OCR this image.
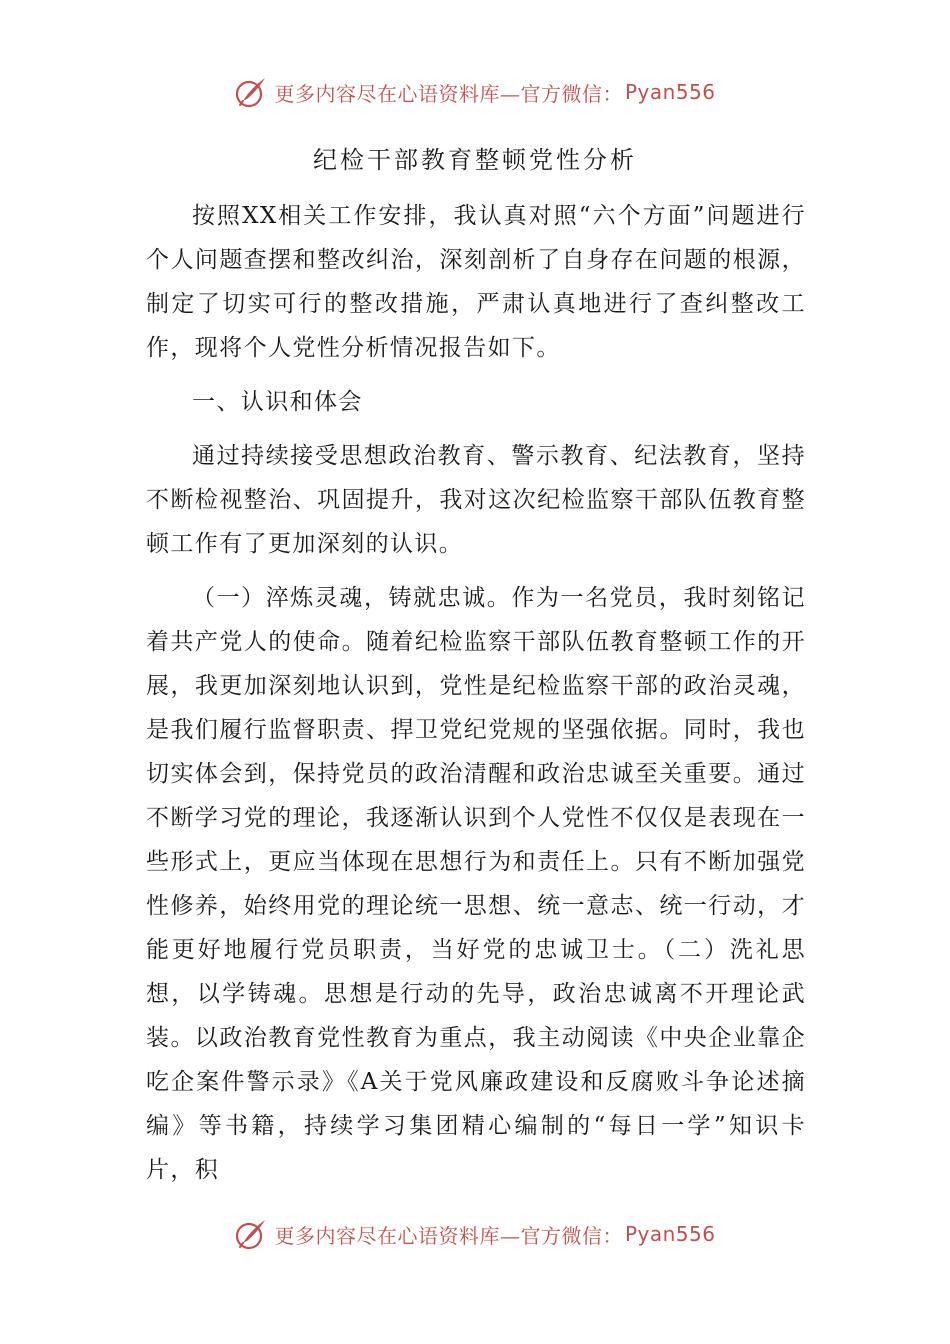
更多内容尽在心语资料库—官方微信： Pyan556
纪检干部教育整顿党性分析

按照XX相关工作安排，我认真对照“六个方面”问题进行个人问题查摆和整改纠治，深刻剖析了自身存在问题的根源，制定了切实可行的整改措施，严肃认真地进行了查纠整改工作，现将个人党性分析情况报告如下。

一、认识和体会

通过持续接受思想政治教育、警示教育、纪法教育，坚持不断检视整治、巩固提升，我对这次纪检监察干部队伍教育整顿工作有了更加深刻的认识。

（一）淬炼灵魂，铸就忠诚。作为一名党员，我时刻铭记着共产党人的使命。随着纪检监察干部队伍教育整顿工作的开展，我更加深刻地认识到，党性是纪检监察干部的政治灵魂，是我们履行监督职责、捍卫党纪党规的坚强依据。同时，我也切实体会到，保持党员的政治清醒和政治忠诚至关重要。通过不断学习党的理论，我逐渐认识到个人党性不仅仅是表现在一些形式上，更应当体现在思想行为和责任上。只有不断加强党性修养，始终用党的理论统一思想、统一意志、统一行动，才能更好地履行党员职责，当好党的忠诚卫士。（二）洗礼思想，以学铸魂。思想是行动的先导，政治忠诚离不开理论武装。以政治教育党性教育为重点，我主动阅读《中央企业靠企吃企案件警示录》《A关于党风廉政建设和反腐败斗争论述摘编》等书籍，持续学习集团精心编制的“每日一学”知识卡片，积

更多内容尽在心语资料库—官方微信： Pyan556
